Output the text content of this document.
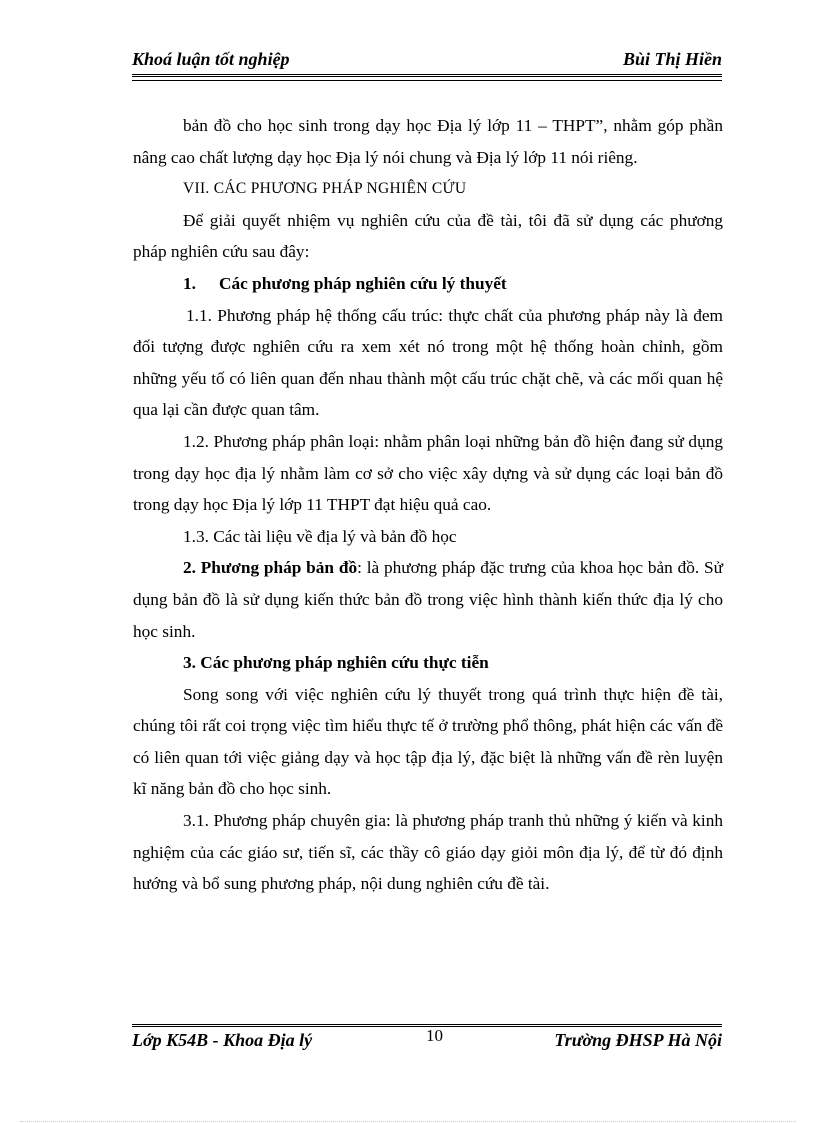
Khoá luận tốt nghiệp	Bùi Thị Hiền

bản đồ cho học sinh trong dạy học Địa lý lớp 11 – THPT”, nhằm góp phần nâng cao chất lượng dạy học Địa lý nói chung và Địa lý lớp 11 nói riêng.

VII. CÁC PHƯƠNG PHÁP NGHIÊN CỨU

Để giải quyết nhiệm vụ nghiên cứu của đề tài, tôi đã sử dụng các phương pháp nghiên cứu sau đây:

1. Các phương pháp nghiên cứu lý thuyết

1.1. Phương pháp hệ thống cấu trúc: thực chất của phương pháp này là đem đối tượng được nghiên cứu ra xem xét nó trong một hệ thống hoàn chỉnh, gồm những yếu tố có liên quan đến nhau thành một cấu trúc chặt chẽ, và các mối quan hệ qua lại cần được quan tâm.

1.2. Phương pháp phân loại: nhằm phân loại những bản đồ hiện đang sử dụng trong dạy học địa lý nhằm làm cơ sở cho việc xây dựng và sử dụng các loại bản đồ trong dạy học Địa lý lớp 11 THPT đạt hiệu quả cao.

1.3. Các tài liệu về địa lý và bản đồ học

2. Phương pháp bản đồ: là phương pháp đặc trưng của khoa học bản đồ. Sử dụng bản đồ là sử dụng kiến thức bản đồ trong việc hình thành kiến thức địa lý cho học sinh.

3. Các phương pháp nghiên cứu thực tiễn

Song song với việc nghiên cứu lý thuyết trong quá trình thực hiện đề tài, chúng tôi rất coi trọng việc tìm hiểu thực tế ở trường phổ thông, phát hiện các vấn đề có liên quan tới việc giảng dạy và học tập địa lý, đặc biệt là những vấn đề rèn luyện kĩ năng bản đồ cho học sinh.

3.1. Phương pháp chuyên gia: là phương pháp tranh thủ những ý kiến và kinh nghiệm của các giáo sư, tiến sĩ, các thầy cô giáo dạy giỏi môn địa lý, để từ đó định hướng và bổ sung phương pháp, nội dung nghiên cứu đề tài.

Lớp K54B - Khoa Địa lý	10	Trường ĐHSP Hà Nội
